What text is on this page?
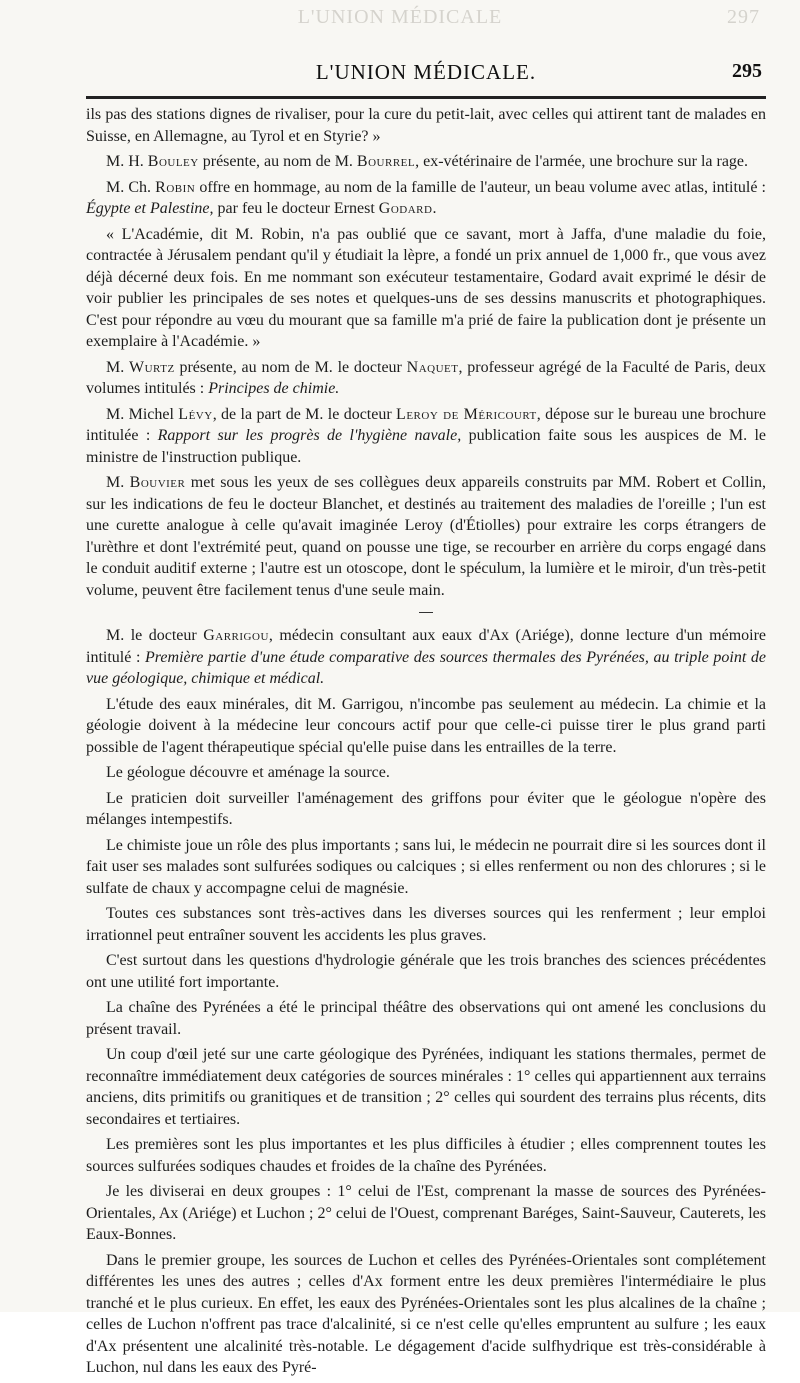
L'UNION MÉDICALE	297
L'UNION MÉDICALE.	295

ils pas des stations dignes de rivaliser, pour la cure du petit-lait, avec celles qui attirent tant de malades en Suisse, en Allemagne, au Tyrol et en Styrie? »

M. H. Bouley présente, au nom de M. Bourrel, ex-vétérinaire de l'armée, une brochure sur la rage.

M. Ch. Robin offre en hommage, au nom de la famille de l'auteur, un beau volume avec atlas, intitulé : Égypte et Palestine, par feu le docteur Ernest Godard.

« L'Académie, dit M. Robin, n'a pas oublié que ce savant, mort à Jaffa, d'une maladie du foie, contractée à Jérusalem pendant qu'il y étudiait la lèpre, a fondé un prix annuel de 1,000 fr., que vous avez déjà décerné deux fois. En me nommant son exécuteur testamentaire, Godard avait exprimé le désir de voir publier les principales de ses notes et quelques-uns de ses dessins manuscrits et photographiques. C'est pour répondre au vœu du mourant que sa famille m'a prié de faire la publication dont je présente un exemplaire à l'Académie. »

M. Wurtz présente, au nom de M. le docteur Naquet, professeur agrégé de la Faculté de Paris, deux volumes intitulés : Principes de chimie.

M. Michel Lévy, de la part de M. le docteur Leroy de Méricourt, dépose sur le bureau une brochure intitulée : Rapport sur les progrès de l'hygiène navale, publication faite sous les auspices de M. le ministre de l'instruction publique.

M. Bouvier met sous les yeux de ses collègues deux appareils construits par MM. Robert et Collin, sur les indications de feu le docteur Blanchet, et destinés au traitement des maladies de l'oreille ; l'un est une curette analogue à celle qu'avait imaginée Leroy (d'Étiolles) pour extraire les corps étrangers de l'urèthre et dont l'extrémité peut, quand on pousse une tige, se recourber en arrière du corps engagé dans le conduit auditif externe ; l'autre est un otoscope, dont le spéculum, la lumière et le miroir, d'un très-petit volume, peuvent être facilement tenus d'une seule main.

M. le docteur Garrigou, médecin consultant aux eaux d'Ax (Ariége), donne lecture d'un mémoire intitulé : Première partie d'une étude comparative des sources thermales des Pyrénées, au triple point de vue géologique, chimique et médical.

L'étude des eaux minérales, dit M. Garrigou, n'incombe pas seulement au médecin. La chimie et la géologie doivent à la médecine leur concours actif pour que celle-ci puisse tirer le plus grand parti possible de l'agent thérapeutique spécial qu'elle puise dans les entrailles de la terre.

Le géologue découvre et aménage la source.

Le praticien doit surveiller l'aménagement des griffons pour éviter que le géologue n'opère des mélanges intempestifs.

Le chimiste joue un rôle des plus importants ; sans lui, le médecin ne pourrait dire si les sources dont il fait user ses malades sont sulfurées sodiques ou calciques ; si elles renferment ou non des chlorures ; si le sulfate de chaux y accompagne celui de magnésie.

Toutes ces substances sont très-actives dans les diverses sources qui les renferment ; leur emploi irrationnel peut entraîner souvent les accidents les plus graves.

C'est surtout dans les questions d'hydrologie générale que les trois branches des sciences précédentes ont une utilité fort importante.

La chaîne des Pyrénées a été le principal théâtre des observations qui ont amené les conclusions du présent travail.

Un coup d'œil jeté sur une carte géologique des Pyrénées, indiquant les stations thermales, permet de reconnaître immédiatement deux catégories de sources minérales : 1° celles qui appartiennent aux terrains anciens, dits primitifs ou granitiques et de transition ; 2° celles qui sourdent des terrains plus récents, dits secondaires et tertiaires.

Les premières sont les plus importantes et les plus difficiles à étudier ; elles comprennent toutes les sources sulfurées sodiques chaudes et froides de la chaîne des Pyrénées.

Je les diviserai en deux groupes : 1° celui de l'Est, comprenant la masse de sources des Pyrénées-Orientales, Ax (Ariége) et Luchon ; 2° celui de l'Ouest, comprenant Baréges, Saint-Sauveur, Cauterets, les Eaux-Bonnes.

Dans le premier groupe, les sources de Luchon et celles des Pyrénées-Orientales sont complétement différentes les unes des autres ; celles d'Ax forment entre les deux premières l'intermédiaire le plus tranché et le plus curieux. En effet, les eaux des Pyrénées-Orientales sont les plus alcalines de la chaîne ; celles de Luchon n'offrent pas trace d'alcalinité, si ce n'est celle qu'elles empruntent au sulfure ; les eaux d'Ax présentent une alcalinité très-notable. Le dégagement d'acide sulfhydrique est très-considérable à Luchon, nul dans les eaux des Pyré-
